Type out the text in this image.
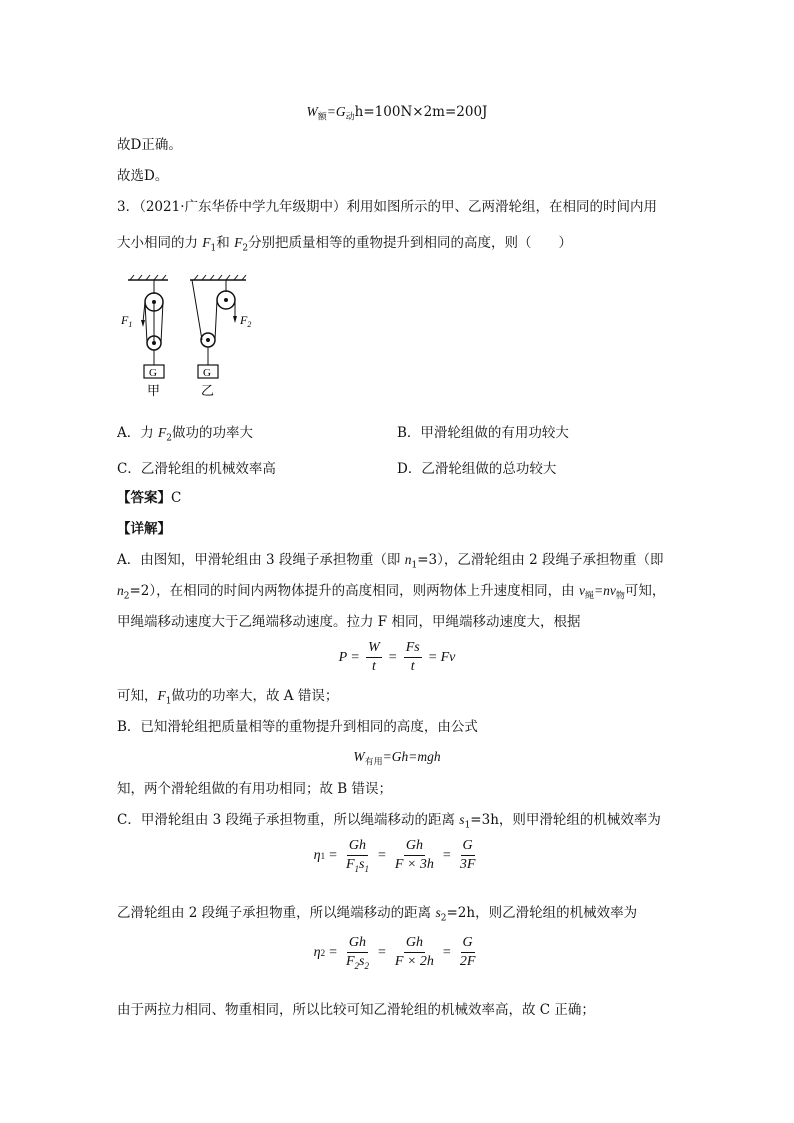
$W_额=G_动h=100N\times 2m=200J$
故D正确。
故选D。
3．（2021·广东华侨中学九年级期中）利用如图所示的甲、乙两滑轮组，在相同的时间内用
大小相同的力 $F_1$和 $F_2$分别把质量相等的重物提升到相同的高度，则（　　）
$F_1$	$F_2$
G	G
甲	乙
A．力 $F_2$做功的功率大	B．甲滑轮组做的有用功较大
C．乙滑轮组的机械效率高	D．乙滑轮组做的总功较大
【答案】C
【详解】
A．由图知，甲滑轮组由 3 段绳子承担物重（即 $n_1=3$），乙滑轮组由 2 段绳子承担物重（即
$n_2=2$），在相同的时间内两物体提升的高度相同，则两物体上升速度相同，由 $v_绳=nv_物$可知，
甲绳端移动速度大于乙绳端移动速度。拉力 F 相同，甲绳端移动速度大，根据
$P = \frac{W}{t} = \frac{Fs}{t} = Fv$
可知，$F_1$做功的功率大，故 A 错误；
B．已知滑轮组把质量相等的重物提升到相同的高度，由公式
$W_{有用}=Gh=mgh$
知，两个滑轮组做的有用功相同；故 B 错误；
C．甲滑轮组由 3 段绳子承担物重，所以绳端移动的距离 $s_1=3h$，则甲滑轮组的机械效率为
η $1 = \frac{Gh}{F_1s_1} = \frac{Gh}{F \times 3h} = \frac{G}{3F}$
乙滑轮组由 2 段绳子承担物重，所以绳端移动的距离 $s_2=2h$，则乙滑轮组的机械效率为
η $2 = \frac{Gh}{F_2s_2} = \frac{Gh}{F \times 2h} = \frac{G}{2F}$
由于两拉力相同、物重相同，所以比较可知乙滑轮组的机械效率高，故 C 正确；
